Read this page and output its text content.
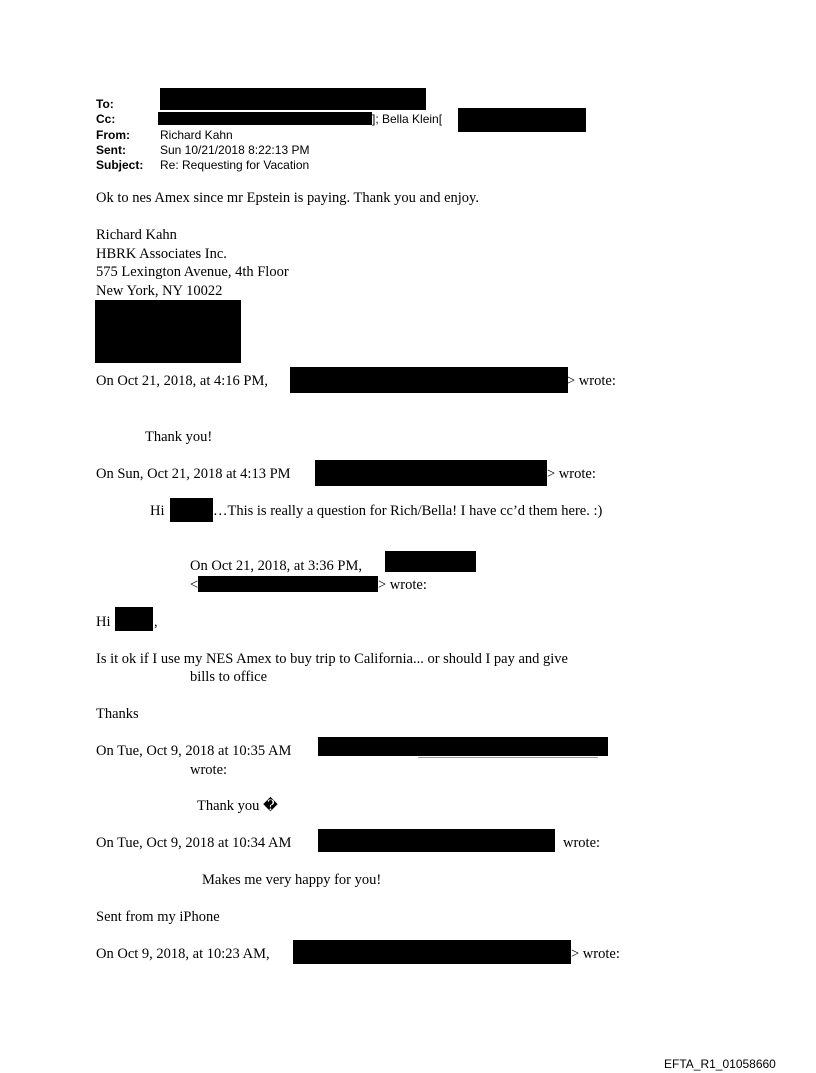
To:
Cc:	]; Bella Klein[
From:	Richard Kahn
Sent:	Sun 10/21/2018 8:22:13 PM
Subject: Re: Requesting for Vacation
Ok to nes Amex since mr Epstein is paying. Thank you and enjoy.
Richard Kahn
HBRK Associates Inc.
575 Lexington Avenue, 4th Floor
New York, NY 10022
On Oct 21, 2018, at 4:16 PM,	> wrote:
Thank you!
On Sun, Oct 21, 2018 at 4:13 PM	> wrote:
Hi	…This is really a question for Rich/Bella! I have cc’d them here. :)
On Oct 21, 2018, at 3:36 PM,
<	> wrote:
Hi	,
Is it ok if I use my NES Amex to buy trip to California... or should I pay and give
bills to office
Thanks
On Tue, Oct 9, 2018 at 10:35 AM
wrote:
Thank you �
On Tue, Oct 9, 2018 at 10:34 AM	wrote:
Makes me very happy for you!
Sent from my iPhone
On Oct 9, 2018, at 10:23 AM,	> wrote:
EFTA_R1_01058660
